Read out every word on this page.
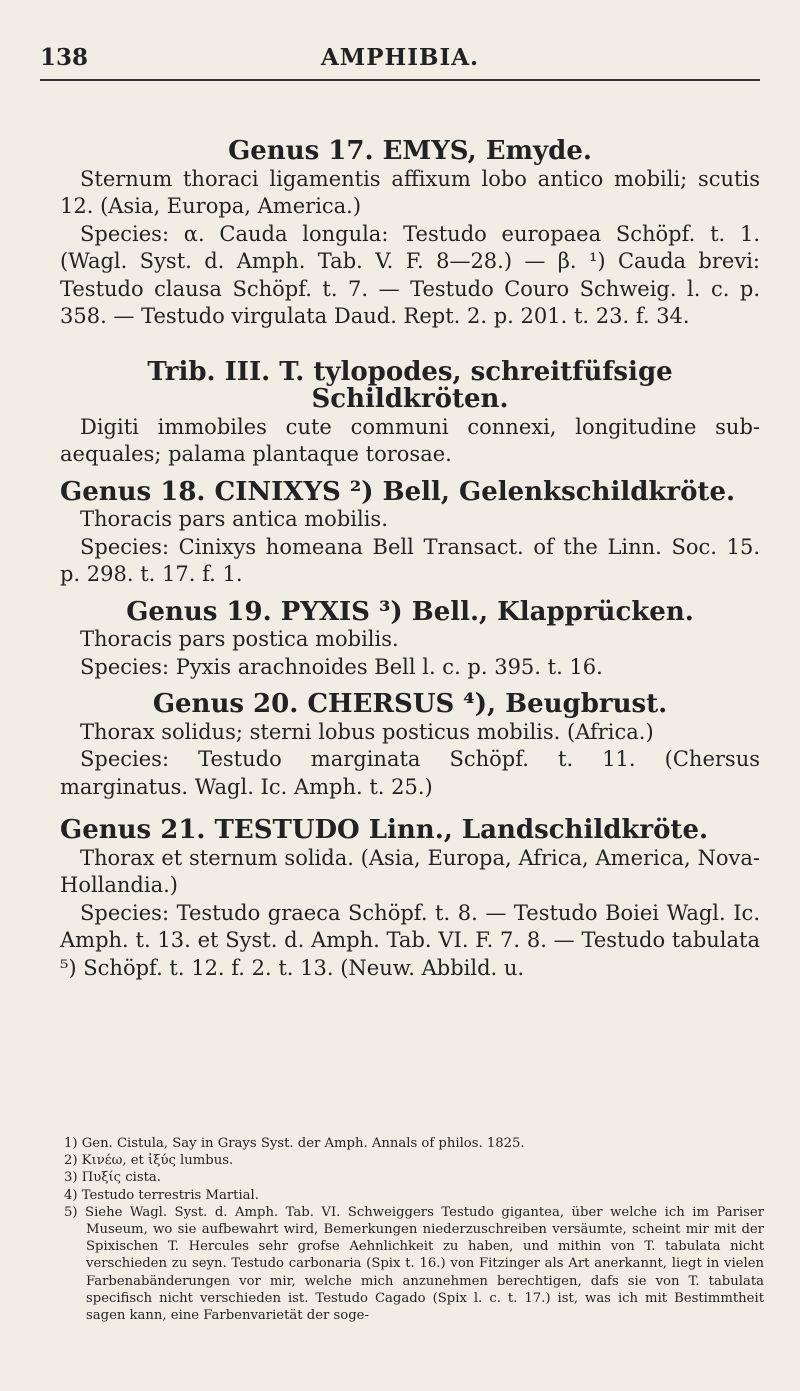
138	AMPHIBIA.

Genus 17. EMYS, Emyde.

Sternum thoraci ligamentis affixum lobo antico mobili; scutis 12. (Asia, Europa, America.)

Species: α. Cauda longula: Testudo europaea Schöpf. t. 1. (Wagl. Syst. d. Amph. Tab. V. F. 8—28.) — β. ¹) Cauda brevi: Testudo clausa Schöpf. t. 7. — Testudo Couro Schweig. l. c. p. 358. — Testudo virgulata Daud. Rept. 2. p. 201. t. 23. f. 34.

Trib. III. T. tylopodes, schreitfüfsige

Schildkröten.

Digiti immobiles cute communi connexi, longitudine sub-aequales; palama plantaque torosae.

Genus 18. CINIXYS ²) Bell, Gelenkschildkröte.

Thoracis pars antica mobilis.

Species: Cinixys homeana Bell Transact. of the Linn. Soc. 15. p. 298. t. 17. f. 1.

Genus 19. PYXIS ³) Bell., Klapprücken.

Thoracis pars postica mobilis.

Species: Pyxis arachnoides Bell l. c. p. 395. t. 16.

Genus 20. CHERSUS ⁴), Beugbrust.

Thorax solidus; sterni lobus posticus mobilis. (Africa.)

Species: Testudo marginata Schöpf. t. 11. (Chersus marginatus. Wagl. Ic. Amph. t. 25.)

Genus 21. TESTUDO Linn., Landschildkröte.

Thorax et sternum solida. (Asia, Europa, Africa, America, Nova-Hollandia.)

Species: Testudo graeca Schöpf. t. 8. — Testudo Boiei Wagl. Ic. Amph. t. 13. et Syst. d. Amph. Tab. VI. F. 7. 8. — Testudo tabulata ⁵) Schöpf. t. 12. f. 2. t. 13. (Neuw. Abbild. u.

1) Gen. Cistula, Say in Grays Syst. der Amph. Annals of philos. 1825.

2) Κινέω, et ἰξύς lumbus.

3) Πυξίς cista.

4) Testudo terrestris Martial.

5) Siehe Wagl. Syst. d. Amph. Tab. VI. Schweiggers Testudo gigantea, über welche ich im Pariser Museum, wo sie aufbewahrt wird, Bemerkungen niederzuschreiben versäumte, scheint mir mit der Spixischen T. Hercules sehr grofse Aehnlichkeit zu haben, und mithin von T. tabulata nicht verschieden zu seyn. Testudo carbonaria (Spix t. 16.) von Fitzinger als Art anerkannt, liegt in vielen Farbenabänderungen vor mir, welche mich anzunehmen berechtigen, dafs sie von T. tabulata specifisch nicht verschieden ist. Testudo Cagado (Spix l. c. t. 17.) ist, was ich mit Bestimmtheit sagen kann, eine Farbenvarietät der soge-
